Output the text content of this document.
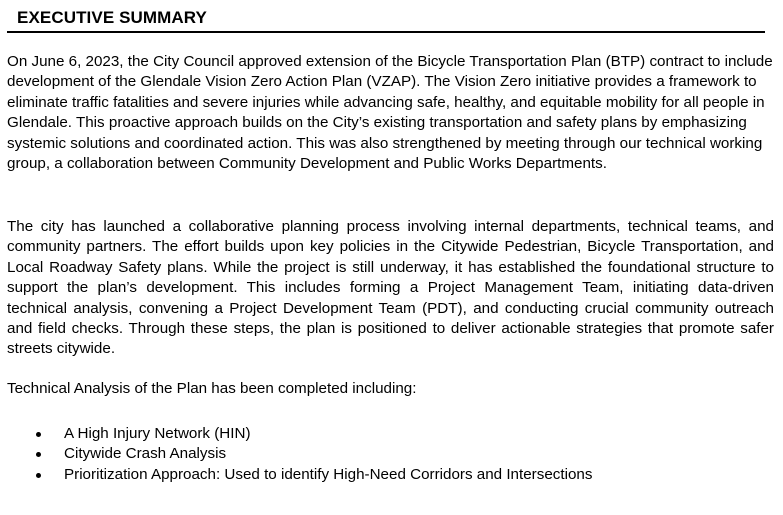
EXECUTIVE SUMMARY

On June 6, 2023, the City Council approved extension of the Bicycle Transportation Plan (BTP) contract to include development of the Glendale Vision Zero Action Plan (VZAP). The Vision Zero initiative provides a framework to eliminate traffic fatalities and severe injuries while advancing safe, healthy, and equitable mobility for all people in Glendale. This proactive approach builds on the City’s existing transportation and safety plans by emphasizing systemic solutions and coordinated action. This was also strengthened by meeting through our technical working group, a collaboration between Community Development and Public Works Departments.

The city has launched a collaborative planning process involving internal departments, technical teams, and community partners. The effort builds upon key policies in the Citywide Pedestrian, Bicycle Transportation, and Local Roadway Safety plans. While the project is still underway, it has established the foundational structure to support the plan’s development. This includes forming a Project Management Team, initiating data-driven technical analysis, convening a Project Development Team (PDT), and conducting crucial community outreach and field checks. Through these steps, the plan is positioned to deliver actionable strategies that promote safer streets citywide.

Technical Analysis of the Plan has been completed including:

A High Injury Network (HIN)
Citywide Crash Analysis
Prioritization Approach: Used to identify High-Need Corridors and Intersections
